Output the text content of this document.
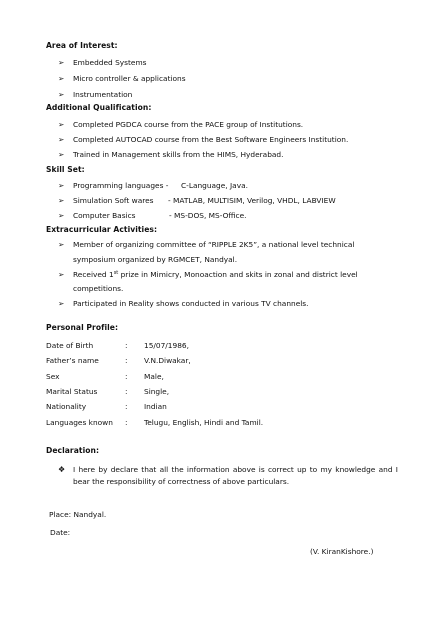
Area of Interest:
➢	Embedded Systems
➢	Micro controller & applications
➢	Instrumentation
Additional Qualification:
➢	Completed PGDCA course from the PACE group of Institutions.
➢	Completed AUTOCAD course from the Best Software Engineers Institution.
➢	Trained in Management skills from the HIMS, Hyderabad.
Skill Set:
➢	Programming languages - C-Language, Java.
➢	Simulation Soft wares - MATLAB, MULTISIM, Verilog, VHDL, LABVIEW
➢	Computer Basics	- MS-DOS, MS-Office.
Extracurricular Activities:
➢	Member of organizing committee of “RIPPLE 2K5”, a national level technical
symposium organized by RGMCET, Nandyal.
➢	Received 1st prize in Mimicry, Monoaction and skits in zonal and district level
competitions.
➢	Participated in Reality shows conducted in various TV channels.
Personal Profile:
Date of Birth	: 15/07/1986,
Father’s name	: V.N.Diwakar,
Sex	: Male,
Marital Status	: Single,
Nationality	: Indian
Languages known : Telugu, English, Hindi and Tamil.
Declaration:
❖ I here by declare that all the information above is correct up to my knowledge and I bear the responsibility of correctness of above particulars.
Place: Nandyal.
Date:
(V. KiranKishore.)
